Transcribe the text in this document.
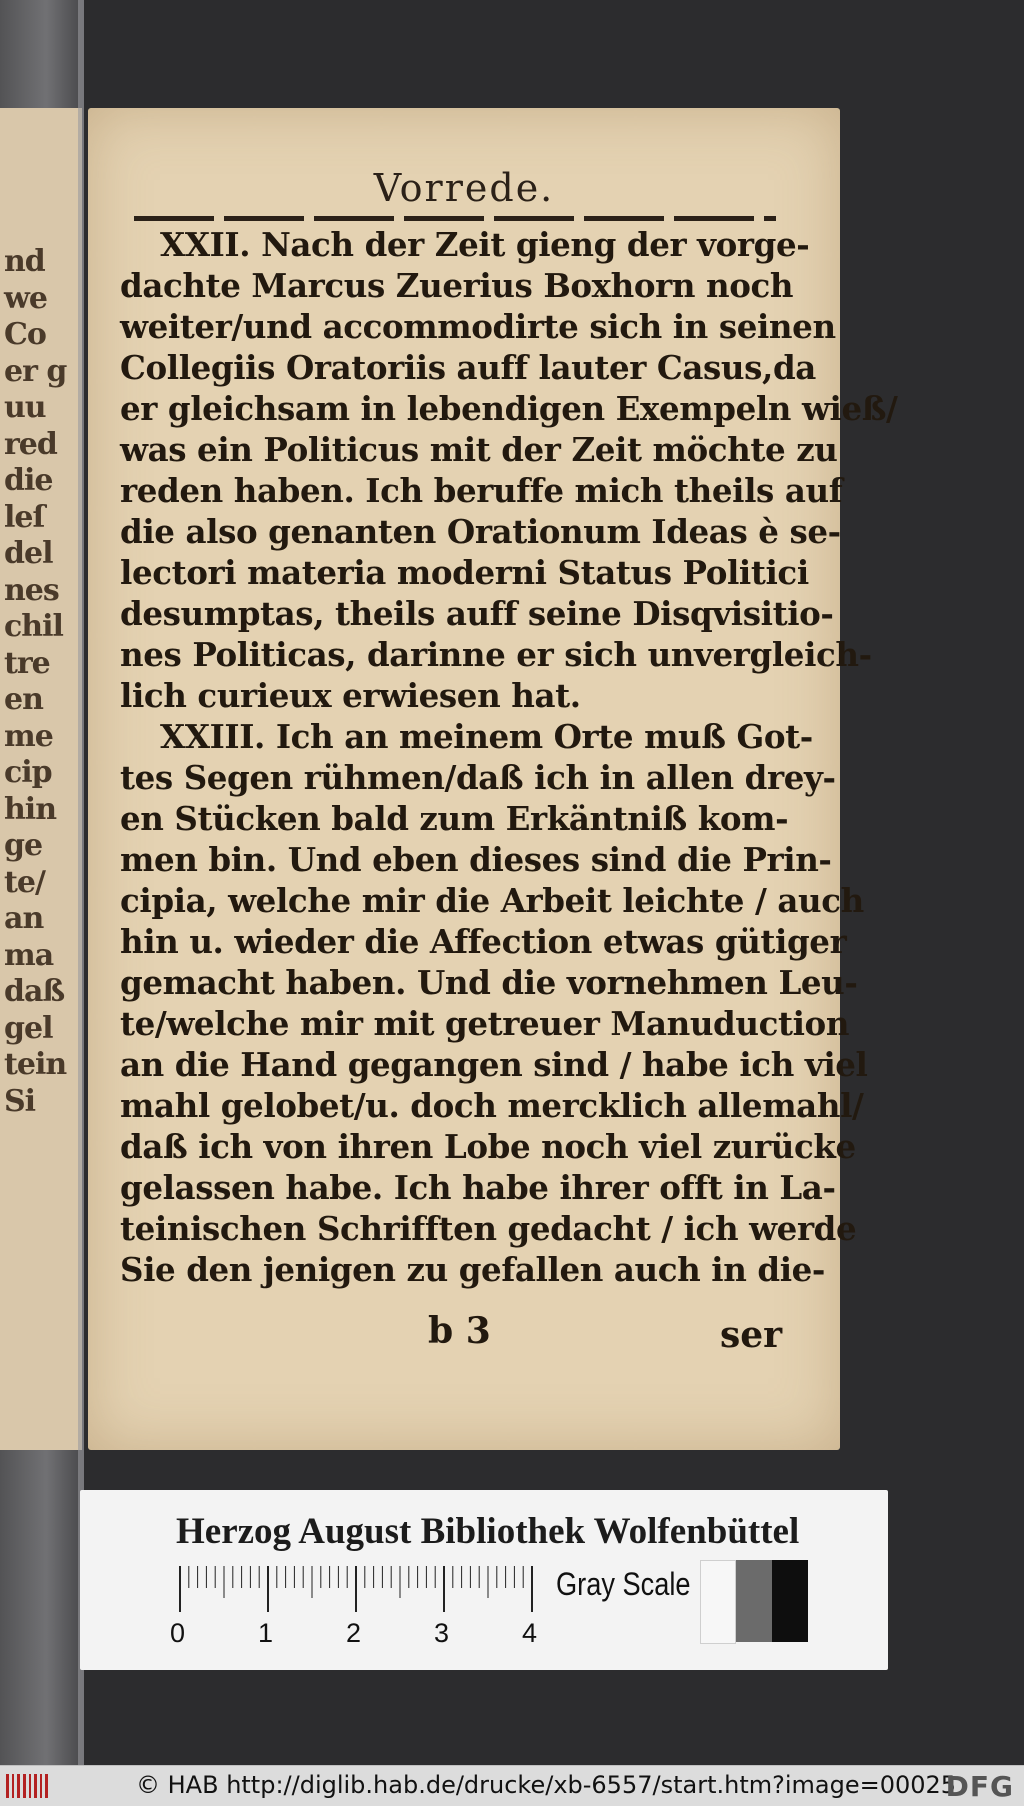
nd
we
Co
er g
uu
red
die
leſ
del
nes
chil
tre
en
me
cip
hin
ge
te/
an
ma
daß
gel
tein
Si
Vorrede.
XXII. Nach der Zeit gieng der vorge-
dachte Marcus Zuerius Boxhorn noch
weiter/und accommodirte sich in seinen
Collegiis Oratoriis auff lauter Casus,da
er gleichsam in lebendigen Exempeln wieß/
was ein Politicus mit der Zeit möchte zu
reden haben. Ich beruffe mich theils auf
die also genanten Orationum Ideas è se-
lectori materia moderni Status Politici
desumptas, theils auff seine Disqvisitio-
nes Politicas, darinne er sich unvergleich-
lich curieux erwiesen hat.
XXIII. Ich an meinem Orte muß Got-
tes Segen rühmen/daß ich in allen drey-
en Stücken bald zum Erkäntniß kom-
men bin. Und eben dieses sind die Prin-
cipia, welche mir die Arbeit leichte / auch
hin u. wieder die Affection etwas gütiger
gemacht haben. Und die vornehmen Leu-
te/welche mir mit getreuer Manuduction
an die Hand gegangen sind / habe ich viel
mahl gelobet/u. doch mercklich allemahl/
daß ich von ihren Lobe noch viel zurücke
gelassen habe. Ich habe ihrer offt in La-
teinischen Schrifften gedacht / ich werde
Sie den jenigen zu gefallen auch in die-
b 3	ser
Herzog August Bibliothek Wolfenbüttel
0	1	2	3	4
Gray Scale
© HAB http://diglib.hab.de/drucke/xb-6557/start.htm?image=00025
DFG
